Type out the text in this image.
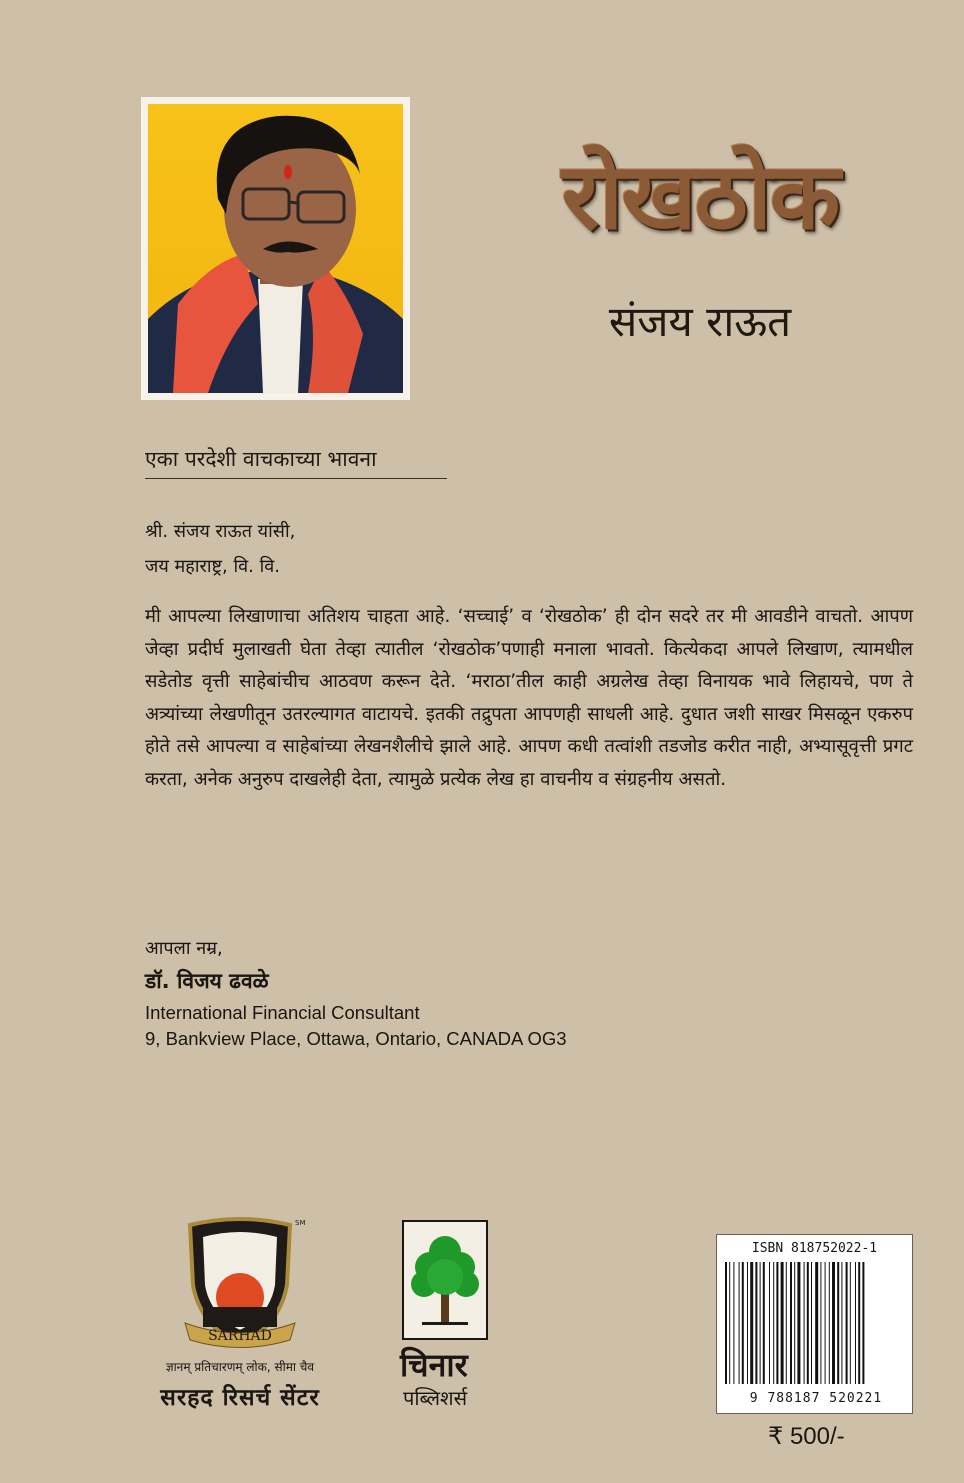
रोखठोक
संजय राऊत
एका परदेशी वाचकाच्या भावना
श्री. संजय राऊत यांसी,
जय महाराष्ट्र, वि. वि.
मी आपल्या लिखाणाचा अतिशय चाहता आहे. ‘सच्चाई’ व ‘रोखठोक’ ही दोन सदरे तर मी आवडीने वाचतो. आपण जेव्हा प्रदीर्घ मुलाखती घेता तेव्हा त्यातील ‘रोखठोक’पणाही मनाला भावतो. कित्येकदा आपले लिखाण, त्यामधील सडेतोड वृत्ती साहेबांचीच आठवण करून देते. ‘मराठा’तील काही अग्रलेख तेव्हा विनायक भावे लिहायचे, पण ते अत्र्यांच्या लेखणीतून उतरल्यागत वाटायचे. इतकी तद्रुपता आपणही साधली आहे. दुधात जशी साखर मिसळून एकरुप होते तसे आपल्या व साहेबांच्या लेखनशैलीचे झाले आहे. आपण कधी तत्वांशी तडजोड करीत नाही, अभ्यासूवृत्ती प्रगट करता, अनेक अनुरुप दाखलेही देता, त्यामुळे प्रत्येक लेख हा वाचनीय व संग्रहनीय असतो.
आपला नम्र,
डॉ. विजय ढवळे
International Financial Consultant
9, Bankview Place, Ottawa, Ontario, CANADA OG3
SARHAD
SM
ज्ञानम् प्रतिचारणम् लोक, सीमा चैव
सरहद रिसर्च सेंटर
चिनार
पब्लिशर्स
ISBN 818752022-1
9 788187 520221
₹ 500/-
